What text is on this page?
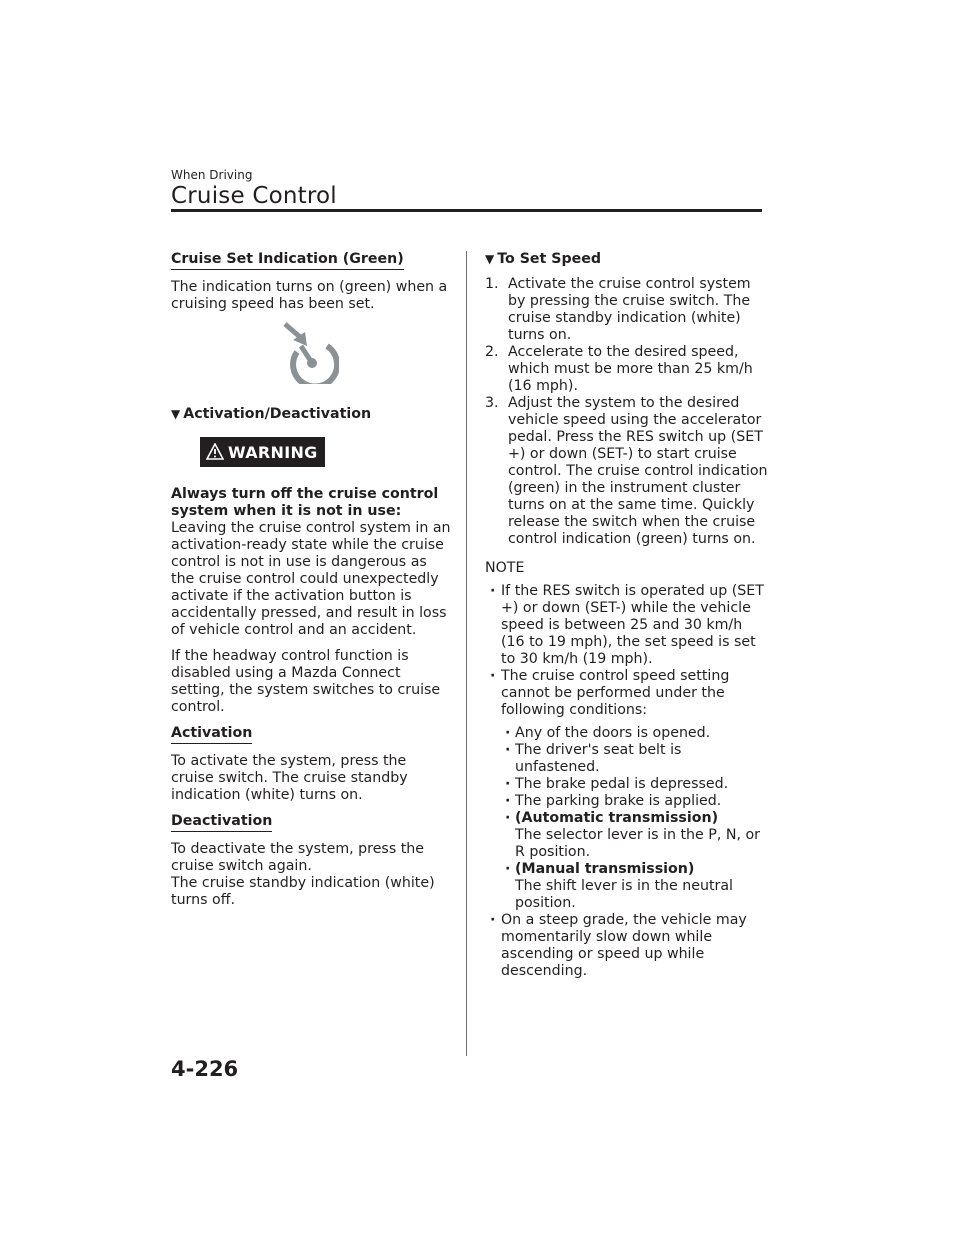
When Driving

Cruise Control

Cruise Set Indication (Green)

The indication turns on (green) when a cruising speed has been set.

▼ Activation/Deactivation
WARNING

Always turn off the cruise control system when it is not in use:
Leaving the cruise control system in an activation-ready state while the cruise control is not in use is dangerous as the cruise control could unexpectedly activate if the activation button is accidentally pressed, and result in loss of vehicle control and an accident.

If the headway control function is disabled using a Mazda Connect setting, the system switches to cruise control.

Activation

To activate the system, press the cruise switch. The cruise standby indication (white) turns on.

Deactivation

To deactivate the system, press the cruise switch again.
The cruise standby indication (white) turns off.

▼ To Set Speed
1. Activate the cruise control system by pressing the cruise switch. The cruise standby indication (white) turns on.
2. Accelerate to the desired speed, which must be more than 25 km/h (16 mph).
3. Adjust the system to the desired vehicle speed using the accelerator pedal. Press the RES switch up (SET +) or down (SET-) to start cruise control. The cruise control indication (green) in the instrument cluster turns on at the same time. Quickly release the switch when the cruise control indication (green) turns on.

NOTE

· If the RES switch is operated up (SET +) or down (SET-) while the vehicle speed is between 25 and 30 km/h (16 to 19 mph), the set speed is set to 30 km/h (19 mph).
· The cruise control speed setting cannot be performed under the following conditions:
· Any of the doors is opened.
· The driver's seat belt is unfastened.
· The brake pedal is depressed.
· The parking brake is applied.
· (Automatic transmission)
The selector lever is in the P, N, or R position.
· (Manual transmission)
The shift lever is in the neutral position.
· On a steep grade, the vehicle may momentarily slow down while ascending or speed up while descending.

4-226
